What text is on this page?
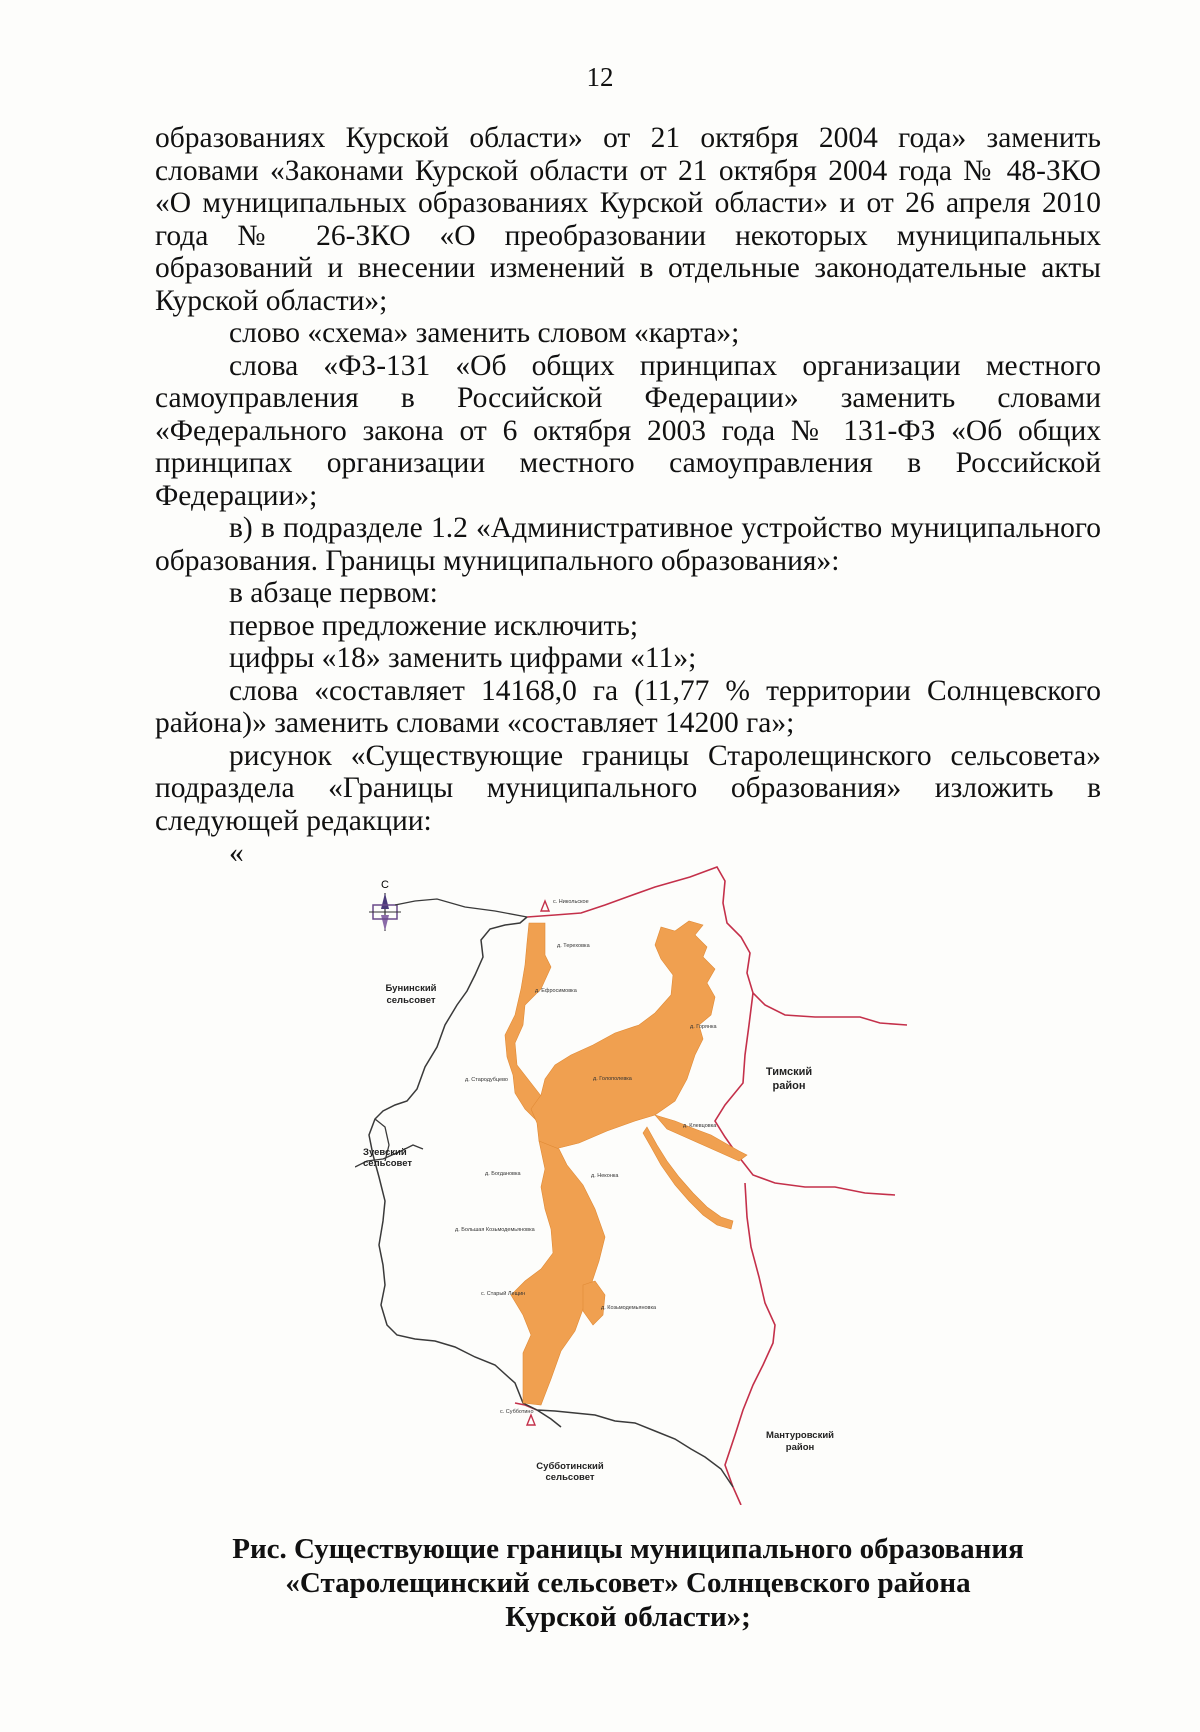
12

образованиях Курской области» от 21 октября 2004 года» заменить словами «Законами Курской области от 21 октября 2004 года № 48-ЗКО «О муниципальных образованиях Курской области» и от 26 апреля 2010 года № 26-ЗКО «О преобразовании некоторых муниципальных образований и внесении изменений в отдельные законодательные акты Курской области»;

слово «схема» заменить словом «карта»;

слова «ФЗ-131 «Об общих принципах организации местного самоуправления в Российской Федерации» заменить словами «Федерального закона от 6 октября 2003 года № 131-ФЗ «Об общих принципах организации местного самоуправления в Российской Федерации»;

в) в подразделе 1.2 «Административное устройство муниципального образования. Границы муниципального образования»:

в абзаце первом:

первое предложение исключить;

цифры «18» заменить цифрами «11»;

слова «составляет 14168,0 га (11,77 % территории Солнцевского района)» заменить словами «составляет 14200 га»;

рисунок «Существующие границы Старолещинского сельсовета» подраздела «Границы муниципального образования» изложить в следующей редакции:

«

С
с. Никольское
д. Тереховка
д. Ефросимовка
д. Горянка
д. Стародубцево	д. Голополевка
д. Клевцовка
д. Богдановка	д. Неконка
д. Большая Козьмодемьяновка
с. Старый Лещин
д. Козьмодемьяновка
с. Субботино
Бунинский
сельсовет
Зуевский
сельсовет
Тимский
район
Мантуровский
район
Субботинский
сельсовет
Рис. Существующие границы муниципального образования
«Старолещинский сельсовет» Солнцевского района
Курской области»;
